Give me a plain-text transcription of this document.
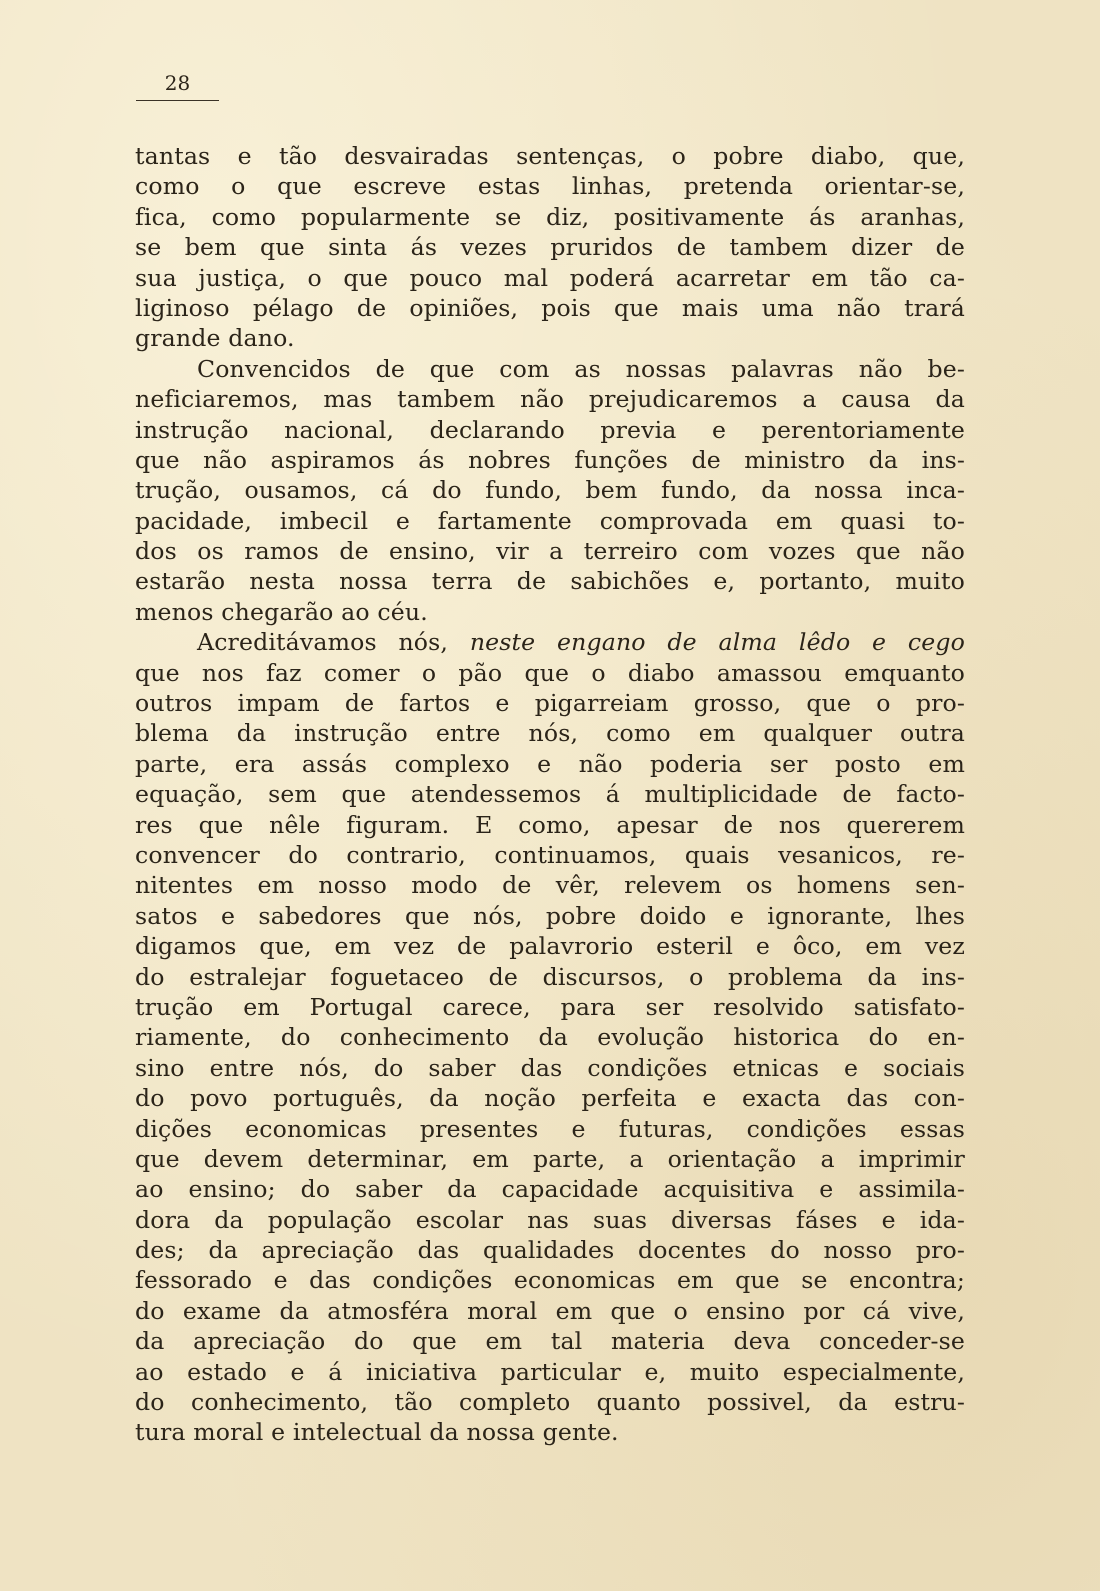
28
tantas e tão desvairadas sentenças, o pobre diabo, que,
como o que escreve estas linhas, pretenda orientar-se,
fica, como popularmente se diz, positivamente ás aranhas,
se bem que sinta ás vezes pruridos de tambem dizer de
sua justiça, o que pouco mal poderá acarretar em tão ca-
liginoso pélago de opiniões, pois que mais uma não trará
grande dano.
Convencidos de que com as nossas palavras não be-
neficiaremos, mas tambem não prejudicaremos a causa da
instrução nacional, declarando previa e perentoriamente
que não aspiramos ás nobres funções de ministro da ins-
trução, ousamos, cá do fundo, bem fundo, da nossa inca-
pacidade, imbecil e fartamente comprovada em quasi to-
dos os ramos de ensino, vir a terreiro com vozes que não
estarão nesta nossa terra de sabichões e, portanto, muito
menos chegarão ao céu.
Acreditávamos nós, neste engano de alma lêdo e cego
que nos faz comer o pão que o diabo amassou emquanto
outros impam de fartos e pigarreiam grosso, que o pro-
blema da instrução entre nós, como em qualquer outra
parte, era assás complexo e não poderia ser posto em
equação, sem que atendessemos á multiplicidade de facto-
res que nêle figuram. E como, apesar de nos quererem
convencer do contrario, continuamos, quais vesanicos, re-
nitentes em nosso modo de vêr, relevem os homens sen-
satos e sabedores que nós, pobre doido e ignorante, lhes
digamos que, em vez de palavrorio esteril e ôco, em vez
do estralejar foguetaceo de discursos, o problema da ins-
trução em Portugal carece, para ser resolvido satisfato-
riamente, do conhecimento da evolução historica do en-
sino entre nós, do saber das condições etnicas e sociais
do povo português, da noção perfeita e exacta das con-
dições economicas presentes e futuras, condições essas
que devem determinar, em parte, a orientação a imprimir
ao ensino; do saber da capacidade acquisitiva e assimila-
dora da população escolar nas suas diversas fáses e ida-
des; da apreciação das qualidades docentes do nosso pro-
fessorado e das condições economicas em que se encontra;
do exame da atmosféra moral em que o ensino por cá vive,
da apreciação do que em tal materia deva conceder-se
ao estado e á iniciativa particular e, muito especialmente,
do conhecimento, tão completo quanto possivel, da estru-
tura moral e intelectual da nossa gente.
